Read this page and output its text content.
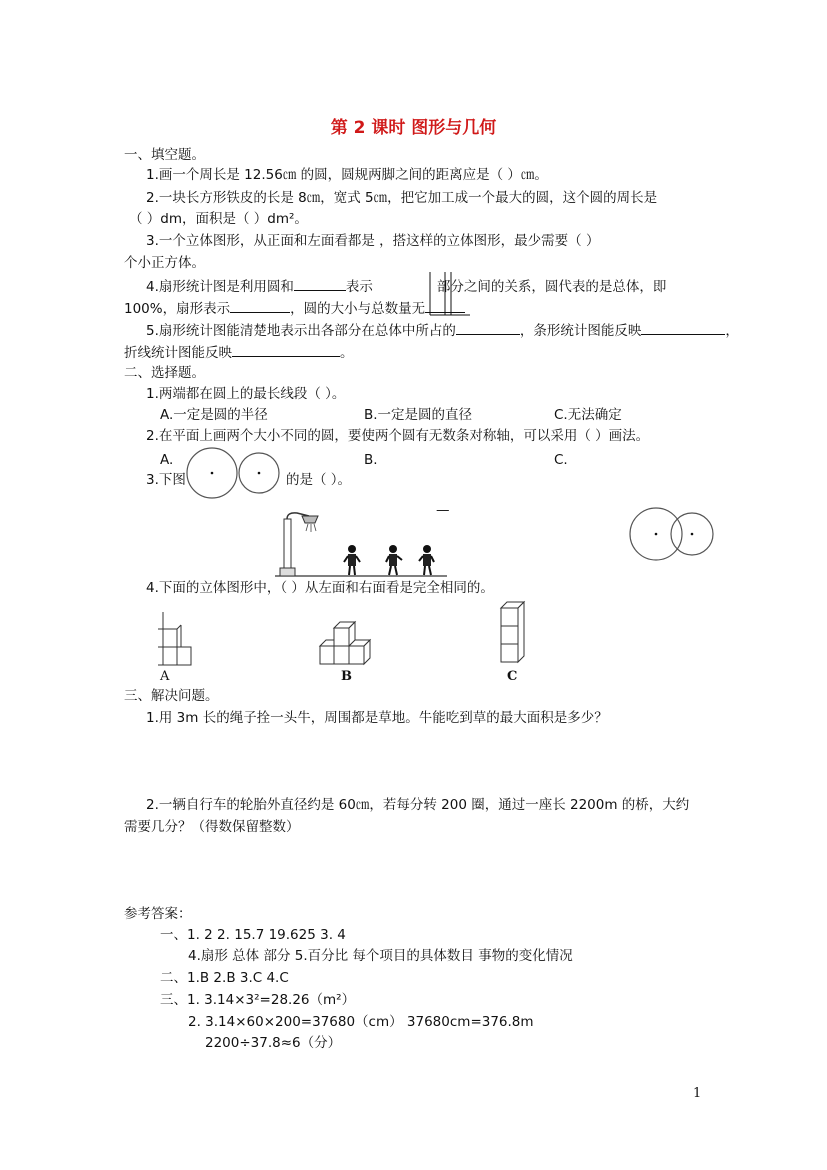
第 2 课时 图形与几何
一、填空题。
1.画一个周长是 12.56㎝ 的圆，圆规两脚之间的距离应是（ ）㎝。
2.一块长方形铁皮的长是 8㎝，宽式 5㎝，把它加工成一个最大的圆，这个圆的周长是
（ ）dm，面积是（ ）dm²。
3.一个立体图形，从正面和左面看都是 ，搭这样的立体图形，最少需要（ ）
个小正方体。
4.扇形统计图是利用圆和	表示	部分之间的关系，圆代表的是总体，即
100%，扇形表示	，圆的大小与总数量无
5.扇形统计图能清楚地表示出各部分在总体中所占的	，条形统计图能反映	，
折线统计图能反映	。
二、选择题。
1.两端都在圆上的最长线段（ ）。
A.一定是圆的半径	B.一定是圆的直径	C.无法确定
2.在平面上画两个大小不同的圆，要使两个圆有无数条对称轴，可以采用（ ）画法。
A.	B.	C.
3.下图	的是（ ）。
—
4.下面的立体图形中，（ ）从左面和右面看是完全相同的。
A	B	C
三、解决问题。
1.用 3m 长的绳子拴一头牛，周围都是草地。牛能吃到草的最大面积是多少？
2.一辆自行车的轮胎外直径约是 60㎝，若每分转 200 圈，通过一座长 2200m 的桥，大约
需要几分？（得数保留整数）
参考答案：
一、1. 2 2. 15.7 19.625 3. 4
4.扇形 总体 部分 5.百分比 每个项目的具体数目 事物的变化情况
二、1.B 2.B 3.C 4.C
三、1. 3.14×3²=28.26（m²）
2. 3.14×60×200=37680（cm） 37680cm=376.8m
2200÷37.8≈6（分）
1
